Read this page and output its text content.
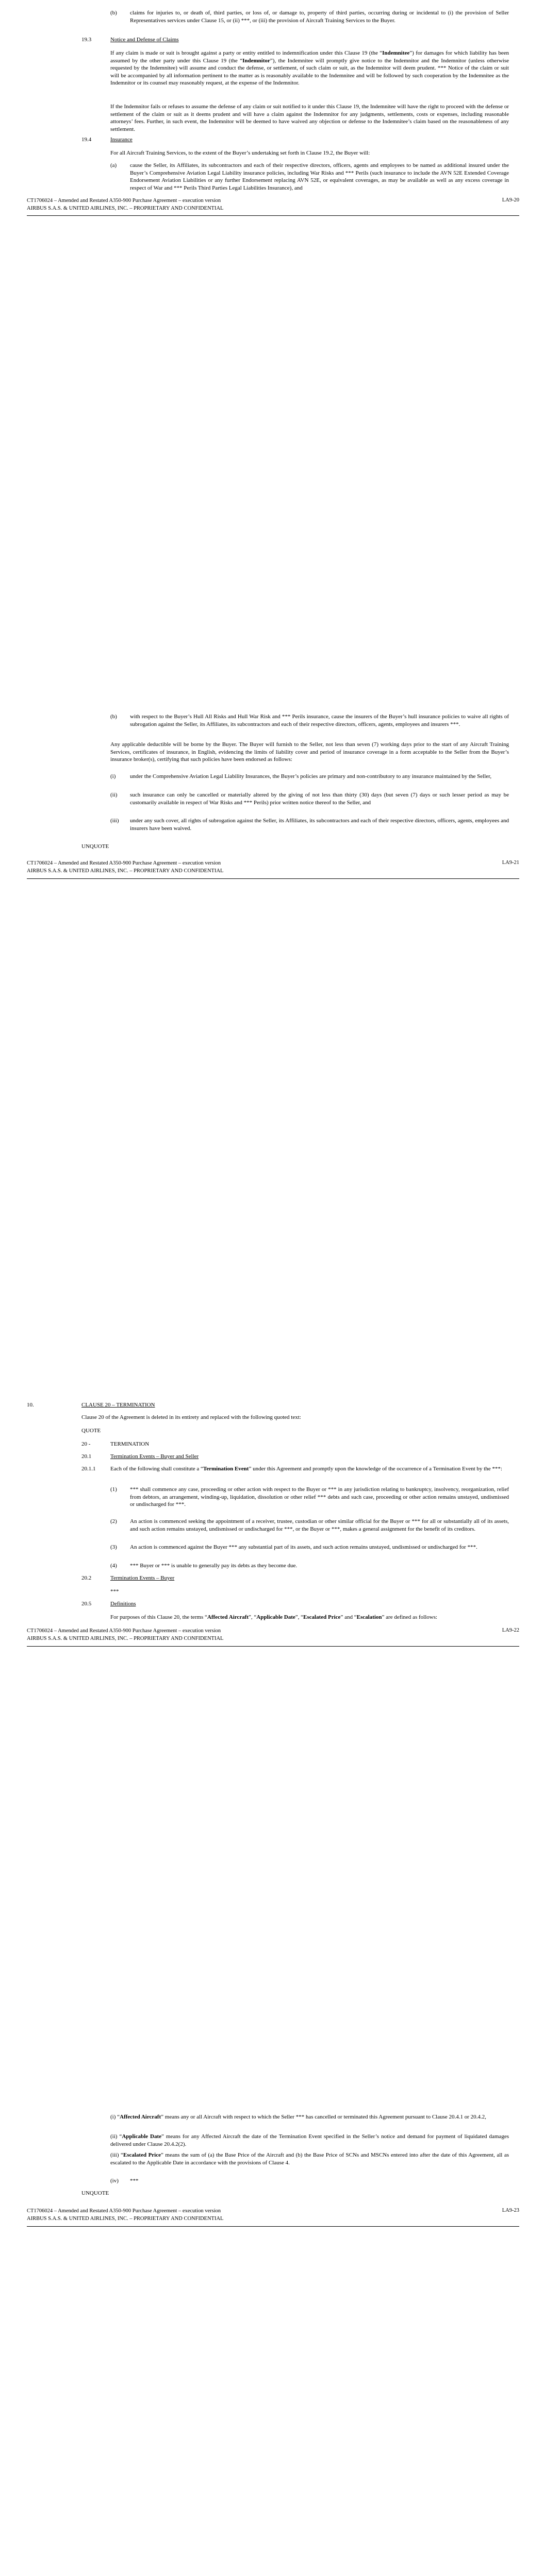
(b) claims for injuries to, or death of, third parties, or loss of, or damage to, property of third parties, occurring during or incidental to (i) the provision of Seller Representatives services under Clause 15, or (ii) ***, or (iii) the provision of Aircraft Training Services to the Buyer.

19.3	Notice and Defense of Claims

If any claim is made or suit is brought against a party or entity entitled to indemnification under this Clause 19 (the “Indemnitee”) for damages for which liability has been assumed by the other party under this Clause 19 (the “Indemnitor”), the Indemnitee will promptly give notice to the Indemnitor and the Indemnitor (unless otherwise requested by the Indemnitee) will assume and conduct the defense, or settlement, of such claim or suit, as the Indemnitor will deem prudent. *** Notice of the claim or suit will be accompanied by all information pertinent to the matter as is reasonably available to the Indemnitee and will be followed by such cooperation by the Indemnitee as the Indemnitor or its counsel may reasonably request, at the expense of the Indemnitor.

If the Indemnitor fails or refuses to assume the defense of any claim or suit notified to it under this Clause 19, the Indemnitee will have the right to proceed with the defense or settlement of the claim or suit as it deems prudent and will have a claim against the Indemnitor for any judgments, settlements, costs or expenses, including reasonable attorneys’ fees. Further, in such event, the Indemnitor will be deemed to have waived any objection or defense to the Indemnitee’s claim based on the reasonableness of any settlement.

19.4	Insurance

For all Aircraft Training Services, to the extent of the Buyer’s undertaking set forth in Clause 19.2, the Buyer will:

(a) cause the Seller, its Affiliates, its subcontractors and each of their respective directors, officers, agents and employees to be named as additional insured under the Buyer’s Comprehensive Aviation Legal Liability insurance policies, including War Risks and *** Perils (such insurance to include the AVN 52E Extended Coverage Endorsement Aviation Liabilities or any further Endorsement replacing AVN 52E, or equivalent coverages, as may be available as well as any excess coverage in respect of War and *** Perils Third Parties Legal Liabilities Insurance), and

CT1706024 – Amended and Restated A350-900 Purchase Agreement – execution version
AIRBUS S.A.S. & UNITED AIRLINES, INC. – PROPRIETARY AND CONFIDENTIAL
LA9-20
(b) with respect to the Buyer’s Hull All Risks and Hull War Risk and *** Perils insurance, cause the insurers of the Buyer’s hull insurance policies to waive all rights of subrogation against the Seller, its Affiliates, its subcontractors and each of their respective directors, officers, agents, employees and insurers ***.

Any applicable deductible will be borne by the Buyer. The Buyer will furnish to the Seller, not less than seven (7) working days prior to the start of any Aircraft Training Services, certificates of insurance, in English, evidencing the limits of liability cover and period of insurance coverage in a form acceptable to the Seller from the Buyer’s insurance broker(s), certifying that such policies have been endorsed as follows:

(i)	under the Comprehensive Aviation Legal Liability Insurances, the Buyer’s policies are primary and non-contributory to any insurance maintained by the Seller,

(ii) such insurance can only be cancelled or materially altered by the giving of not less than thirty (30) days (but seven (7) days or such lesser period as may be customarily available in respect of War Risks and *** Perils) prior written notice thereof to the Seller, and

(iii) under any such cover, all rights of subrogation against the Seller, its Affiliates, its subcontractors and each of their respective directors, officers, agents, employees and insurers have been waived.

UNQUOTE
CT1706024 – Amended and Restated A350-900 Purchase Agreement – execution version
AIRBUS S.A.S. & UNITED AIRLINES, INC. – PROPRIETARY AND CONFIDENTIAL
LA9-21
10.	CLAUSE 20 – TERMINATION

Clause 20 of the Agreement is deleted in its entirety and replaced with the following quoted text:

QUOTE
20 -	TERMINATION
20.1	Termination Events – Buyer and Seller
20.1.1	Each of the following shall constitute a “Termination Event” under this Agreement and promptly upon the knowledge of the occurrence of a Termination Event by the ***:

(1) *** shall commence any case, proceeding or other action with respect to the Buyer or *** in any jurisdiction relating to bankruptcy, insolvency, reorganization, relief from debtors, an arrangement, winding-up, liquidation, dissolution or other relief *** debts and such case, proceeding or other action remains unstayed, undismissed or undischarged for ***.

(2) An action is commenced seeking the appointment of a receiver, trustee, custodian or other similar official for the Buyer or *** for all or substantially all of its assets, and such action remains unstayed, undismissed or undischarged for ***, or the Buyer or ***, makes a general assignment for the benefit of its creditors.

(3) An action is commenced against the Buyer *** any substantial part of its assets, and such action remains unstayed, undismissed or undischarged for ***.

(4) *** Buyer or *** is unable to generally pay its debts as they become due.

20.2	Termination Events – Buyer
***
20.5	Definitions

For purposes of this Clause 20, the terms “Affected Aircraft”, “Applicable Date”, “Escalated Price” and “Escalation” are defined as follows:

CT1706024 – Amended and Restated A350-900 Purchase Agreement – execution version
AIRBUS S.A.S. & UNITED AIRLINES, INC. – PROPRIETARY AND CONFIDENTIAL
LA9-22

(i) “Affected Aircraft” means any or all Aircraft with respect to which the Seller *** has cancelled or terminated this Agreement pursuant to Clause 20.4.1 or 20.4.2,

(ii) “Applicable Date” means for any Affected Aircraft the date of the Termination Event specified in the Seller’s notice and demand for payment of liquidated damages delivered under Clause 20.4.2(2).

(iii) “Escalated Price” means the sum of (a) the Base Price of the Aircraft and (b) the Base Price of SCNs and MSCNs entered into after the date of this Agreement, all as escalated to the Applicable Date in accordance with the provisions of Clause 4.

(iv) ***
UNQUOTE
CT1706024 – Amended and Restated A350-900 Purchase Agreement – execution version
AIRBUS S.A.S. & UNITED AIRLINES, INC. – PROPRIETARY AND CONFIDENTIAL
LA9-23
